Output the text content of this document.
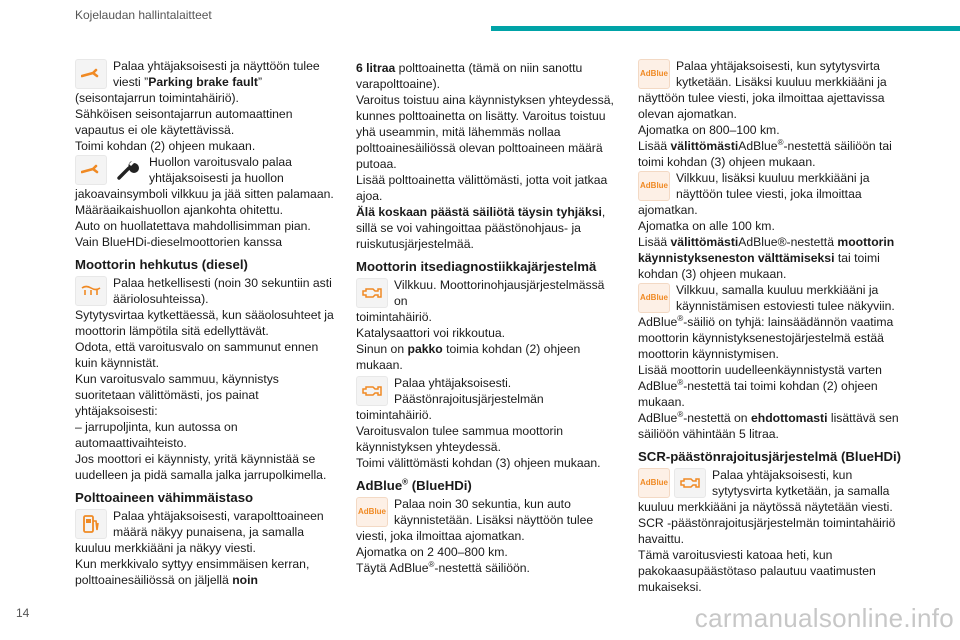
Kojelaudan hallintalaitteet
Palaa yhtäjaksoisesti ja näyttöön tulee viesti ”Parking brake fault”

(seisontajarrun toimintahäiriö).

Sähköisen seisontajarrun automaattinen vapautus ei ole käytettävissä.

Toimi kohdan (2) ohjeen mukaan.

Huollon varoitusvalo palaa yhtäjaksoisesti ja huollon

jakoavainsymboli vilkkuu ja jää sitten palamaan.

Määräaikaishuollon ajankohta ohitettu.

Auto on huollatettava mahdollisimman pian.

Vain BlueHDi-dieselmoottorien kanssa

Moottorin hehkutus (diesel)
Palaa hetkellisesti (noin 30 sekuntiin asti ääriolosuhteissa).

Sytytysvirtaa kytkettäessä, kun sääolosuhteet ja moottorin lämpötila sitä edellyttävät.

Odota, että varoitusvalo on sammunut ennen kuin käynnistät.

Kun varoitusvalo sammuu, käynnistys suoritetaan välittömästi, jos painat yhtäjaksoisesti:

– jarrupoljinta, kun autossa on automaattivaihteisto.

Jos moottori ei käynnisty, yritä käynnistää se uudelleen ja pidä samalla jalka jarrupolkimella.

Polttoaineen vähimmäistaso
Palaa yhtäjaksoisesti, varapolttoaineen määrä näkyy punaisena, ja samalla

kuuluu merkkiääni ja näkyy viesti.

Kun merkkivalo syttyy ensimmäisen kerran, polttoainesäiliössä on jäljellä noin

6 litraa polttoainetta (tämä on niin sanottu varapolttoaine).

Varoitus toistuu aina käynnistyksen yhteydessä, kunnes polttoainetta on lisätty. Varoitus toistuu yhä useammin, mitä lähemmäs nollaa polttoainesäiliössä olevan polttoaineen määrä putoaa.

Lisää polttoainetta välittömästi, jotta voit jatkaa ajoa.

Älä koskaan päästä säiliötä täysin tyhjäksi, sillä se voi vahingoittaa päästönohjaus- ja ruiskutusjärjestelmää.

Moottorin itsediagnostiikkajärjestelmä
Vilkkuu. Moottorinohjausjärjestelmässä on

toimintahäiriö.

Katalysaattori voi rikkoutua.

Sinun on pakko toimia kohdan (2) ohjeen mukaan.

Palaa yhtäjaksoisesti. Päästönrajoitusjärjestelmän

toimintahäiriö.

Varoitusvalon tulee sammua moottorin käynnistyksen yhteydessä.

Toimi välittömästi kohdan (3) ohjeen mukaan.

AdBlue® (BlueHDi)
AdBlue
Palaa noin 30 sekuntia, kun auto käynnistetään. Lisäksi näyttöön tulee

viesti, joka ilmoittaa ajomatkan.

Ajomatka on 2 400–800 km.

Täytä AdBlue®-nestettä säiliöön.

AdBlue
Palaa yhtäjaksoisesti, kun sytytysvirta kytketään. Lisäksi kuuluu merkkiääni ja

näyttöön tulee viesti, joka ilmoittaa ajettavissa olevan ajomatkan.

Ajomatka on 800–100 km.

Lisää välittömästiAdBlue®-nestettä säiliöön tai toimi kohdan (3) ohjeen mukaan.

AdBlue
Vilkkuu, lisäksi kuuluu merkkiääni ja näyttöön tulee viesti, joka ilmoittaa

ajomatkan.

Ajomatka on alle 100 km.

Lisää välittömästiAdBlue®-nestettä moottorin käynnistykseneston välttämiseksi tai toimi kohdan (3) ohjeen mukaan.

AdBlue
Vilkkuu, samalla kuuluu merkkiääni ja käynnistämisen estoviesti tulee näkyviin.

AdBlue®-säiliö on tyhjä: lainsäädännön vaatima moottorin käynnistyksenestojärjestelmä estää moottorin käynnistymisen.

Lisää moottorin uudelleenkäynnistystä varten AdBlue®-nestettä tai toimi kohdan (2) ohjeen mukaan.

AdBlue®-nestettä on ehdottomasti lisättävä sen säiliöön vähintään 5 litraa.

SCR-päästönrajoitusjärjestelmä (BlueHDi)
AdBlue
Palaa yhtäjaksoisesti, kun sytytysvirta kytketään, ja samalla

kuuluu merkkiääni ja näytössä näytetään viesti.

SCR -päästönrajoitusjärjestelmän toimintahäiriö havaittu.

Tämä varoitusviesti katoaa heti, kun pakokaasupäästötaso palautuu vaatimusten mukaiseksi.

14	carmanualsonline.info
